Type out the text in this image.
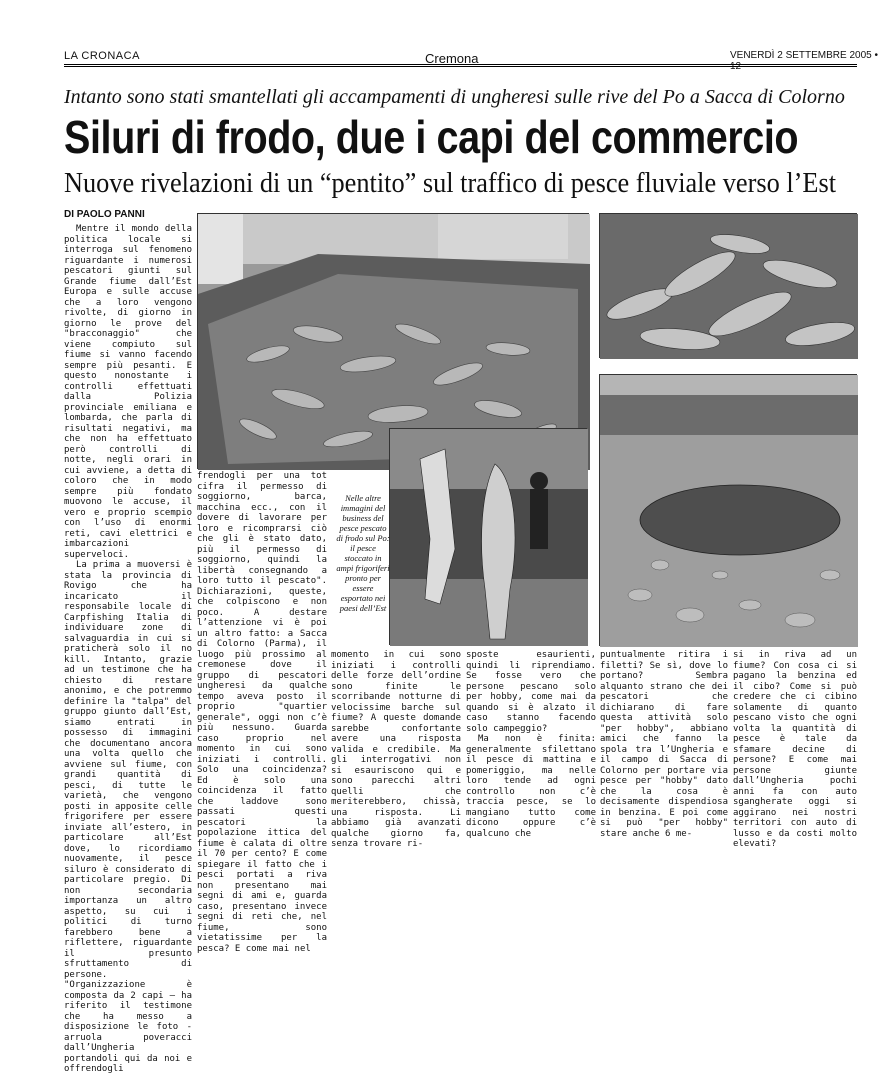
LA CRONACA	Cremona	VENERDÌ 2 SETTEMBRE 2005 • 12
Intanto sono stati smantellati gli accampamenti di ungheresi sulle rive del Po a Sacca di Colorno
Siluri di frodo, due i capi del commercio
Nuove rivelazioni di un “pentito” sul traffico di pesce fluviale verso l’Est
DI PAOLO PANNI

Mentre il mondo della politica locale si interroga sul fenomeno riguardante i numerosi pescatori giunti sul Grande fiume dall’Est Europa e sulle accuse che a loro vengono rivolte, di giorno in giorno le prove del "bracconaggio" che viene compiuto sul fiume si vanno facendo sempre più pesanti. E questo nonostante i controlli effettuati dalla Polizia provinciale emiliana e lombarda, che parla di risultati negativi, ma che non ha effettuato però controlli di notte, negli orari in cui avviene, a detta di coloro che in modo sempre più fondato muovono le accuse, il vero e proprio scempio con l’uso di enormi reti, cavi elettrici e imbarcazioni superveloci.

La prima a muoversi è stata la provincia di Rovigo che ha incaricato il responsabile locale di Carpfishing Italia di individuare zone di salvaguardia in cui si praticherà solo il no kill. Intanto, grazie ad un testimone che ha chiesto di restare anonimo, e che potremmo definire la "talpa" del gruppo giunto dall’Est, siamo entrati in possesso di immagini che documentano ancora una volta quello che avviene sul fiume, con grandi quantità di pesci, di tutte le varietà, che vengono posti in apposite celle frigorifere per essere inviate all’estero, in particolare all’Est dove, lo ricordiamo nuovamente, il pesce siluro è considerato di particolare pregio. Di non secondaria importanza un altro aspetto, su cui i politici di turno farebbero bene a riflettere, riguardante il presunto sfruttamento di persone. "Organizzazione è composta da 2 capi – ha riferito il testimone che ha messo a disposizione le foto - arruola poveracci dall’Ungheria portandoli qui da noi e offrendogli

frendogli per una tot cifra il permesso di soggiorno, barca, macchina ecc., con il dovere di lavorare per loro e ricomprarsi ciò che gli è stato dato, più il permesso di soggiorno, quindi la libertà consegnando a loro tutto il pescato". Dichiarazioni, queste, che colpiscono e non poco. A destare l’attenzione vi è poi un altro fatto: a Sacca di Colorno (Parma), il luogo più prossimo al cremonese dove il gruppo di pescatori ungheresi da qualche tempo aveva posto il proprio "quartier generale", oggi non c’è più nessuno. Guarda caso proprio nel momento in cui sono iniziati i controlli. Solo una coincidenza? Ed è solo una coincidenza il fatto che laddove sono passati questi pescatori la popolazione ittica del fiume è calata di oltre il 70 per cento? E come spiegare il fatto che i pesci portati a riva non presentano mai segni di ami e, guarda caso, presentano invece segni di reti che, nel fiume, sono vietatissime per la pesca? E come mai nel
momento in cui sono iniziati i controlli delle forze dell’ordine sono finite le scorribande notturne di velocissime barche sul fiume? A queste domande sarebbe confortante avere una risposta valida e credibile. Ma gli interrogativi non si esauriscono qui e sono parecchi altri quelli che meriterebbero, chissà, una risposta. Li abbiamo già avanzati qualche giorno fa, senza trovare ri-
sposte esaurienti, quindi li riprendiamo. Se fosse vero che persone pescano solo per hobby, come mai da quando si è alzato il caso stanno facendo solo campeggio?

Ma non è finita: generalmente sfilettano il pesce di mattina e pomeriggio, ma nelle loro tende ad ogni controllo non c’è traccia pesce, se lo mangiano tutto come dicono oppure c’è qualcuno che

puntualmente ritira i filetti? Se sì, dove lo portano? Sembra alquanto strano che dei pescatori che dichiarano di fare questa attività solo "per hobby", abbiano amici che fanno la spola tra l’Ungheria e il campo di Sacca di Colorno per portare via pesce per "hobby" dato che la cosa è decisamente dispendiosa in benzina. E poi come si può "per hobby" stare anche 6 me-
si in riva ad un fiume? Con cosa ci si pagano la benzina ed il cibo? Come si può credere che ci cibino solamente di quanto pescano visto che ogni volta la quantità di pesce è tale da sfamare decine di persone? E come mai persone giunte dall’Ungheria pochi anni fa con auto sgangherate oggi si aggirano nei nostri territori con auto di lusso e da costi molto elevati?
Nelle altre immagini del business del pesce pescato di frodo sul Po: il pesce stoccato in ampi frigoriferi pronto per essere esportato nei paesi dell’Est
